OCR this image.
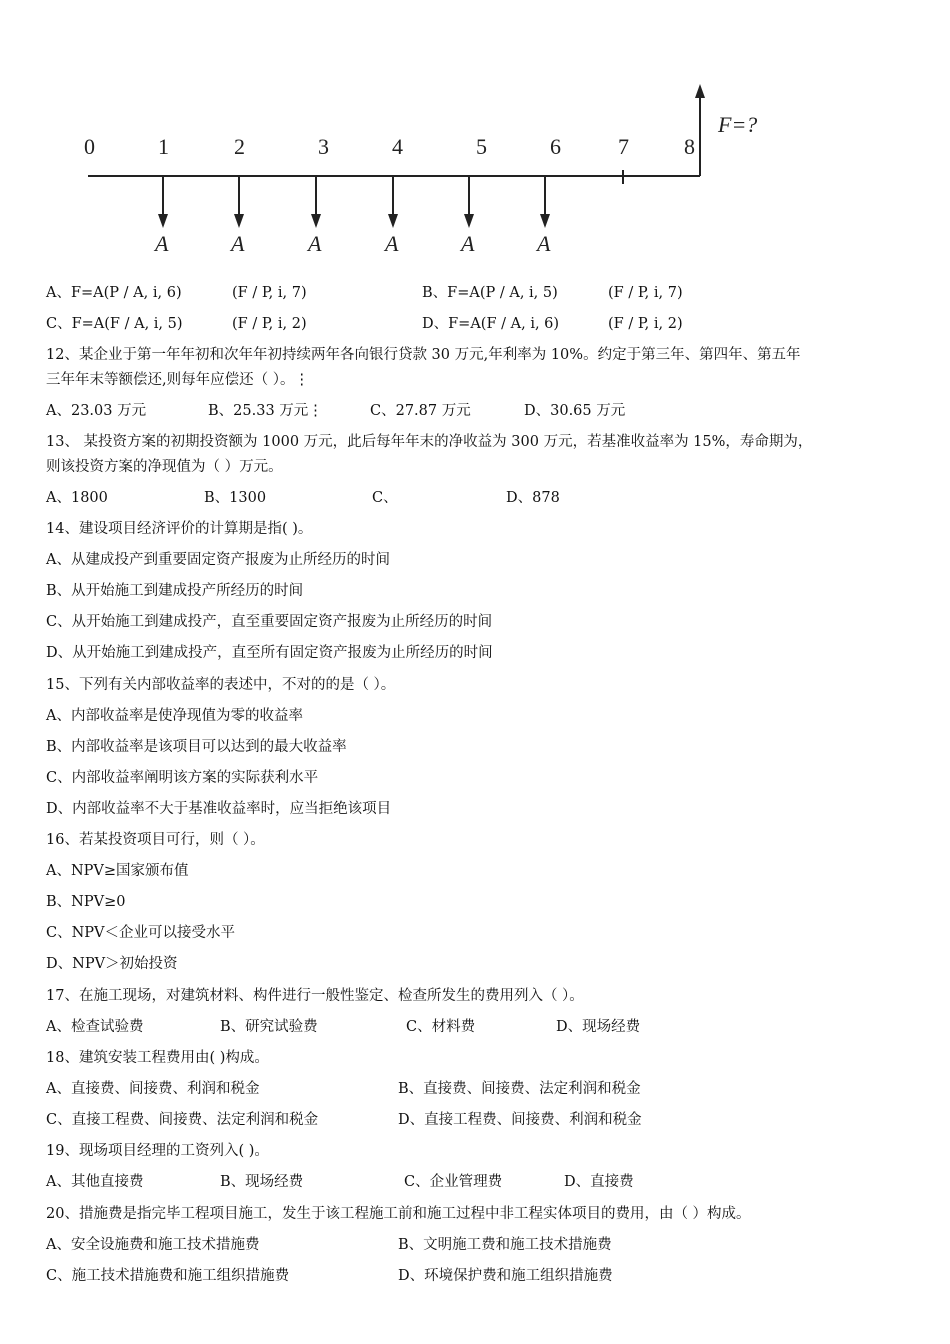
F=?
0	1	2	3	4	5	6	7	8
A	A	A	A	A	A
A、F=A(P / A, i, 6)	(F / P, i, 7)	B、F=A(P / A, i, 5)	(F / P, i, 7)
C、F=A(F / A, i, 5)	(F / P, i, 2)	D、F=A(F / A, i, 6)	(F / P, i, 2)
12、某企业于第一年年初和次年年初持续两年各向银行贷款 30 万元,年利率为 10%。约定于第三年、第四年、第五年
三年年末等额偿还,则每年应偿还（ ）。⋮
A、23.03 万元	B、25.33 万元⋮	C、27.87 万元	D、30.65 万元
13、 某投资方案的初期投资额为 1000 万元，此后每年年末的净收益为 300 万元，若基准收益率为 15%，寿命期为，
则该投资方案的净现值为（ ）万元。
A、1800	B、1300	C、	D、878
14、建设项目经济评价的计算期是指( )。
A、从建成投产到重要固定资产报废为止所经历的时间
B、从开始施工到建成投产所经历的时间
C、从开始施工到建成投产，直至重要固定资产报废为止所经历的时间
D、从开始施工到建成投产，直至所有固定资产报废为止所经历的时间
15、下列有关内部收益率的表述中，不对的的是（ ）。
A、内部收益率是使净现值为零的收益率
B、内部收益率是该项目可以达到的最大收益率
C、内部收益率阐明该方案的实际获利水平
D、内部收益率不大于基准收益率时，应当拒绝该项目
16、若某投资项目可行，则（ ）。
A、NPV≥国家颁布值
B、NPV≥0
C、NPV＜企业可以接受水平
D、NPV＞初始投资
17、在施工现场，对建筑材料、构件进行一般性鉴定、检查所发生的费用列入（ ）。
A、检查试验费	B、研究试验费	C、材料费	D、现场经费
18、建筑安装工程费用由( )构成。
A、直接费、间接费、利润和税金	B、直接费、间接费、法定利润和税金
C、直接工程费、间接费、法定利润和税金	D、直接工程费、间接费、利润和税金
19、现场项目经理的工资列入( )。
A、其他直接费	B、现场经费	C、企业管理费	D、直接费
20、措施费是指完毕工程项目施工，发生于该工程施工前和施工过程中非工程实体项目的费用，由（ ）构成。
A、安全设施费和施工技术措施费	B、文明施工费和施工技术措施费
C、施工技术措施费和施工组织措施费	D、环境保护费和施工组织措施费
